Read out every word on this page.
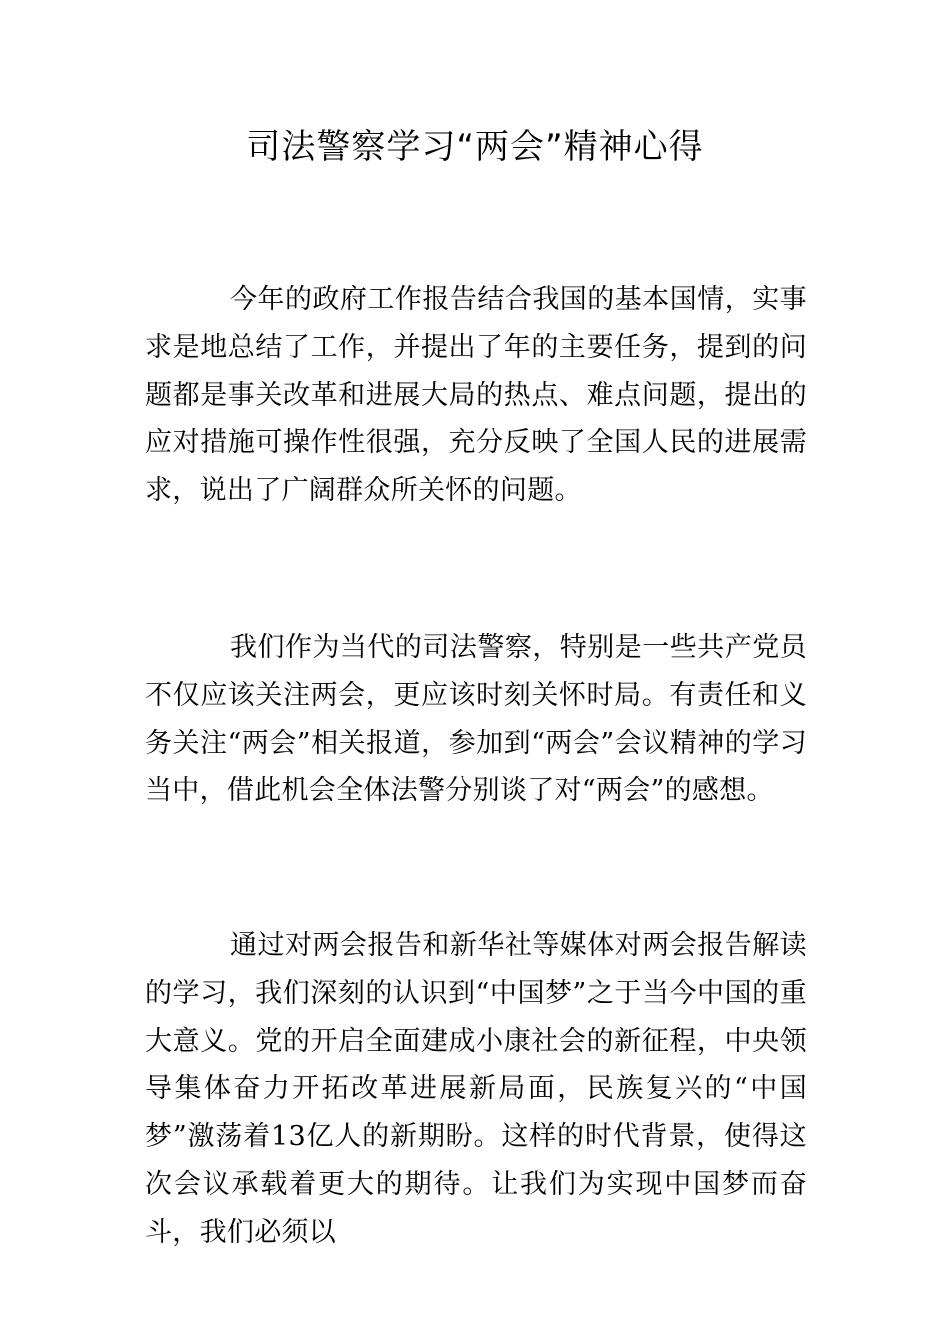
司法警察学习“两会”精神心得

今年的政府工作报告结合我国的基本国情，实事求是地总结了工作，并提出了年的主要任务，提到的问题都是事关改革和进展大局的热点、难点问题，提出的应对措施可操作性很强，充分反映了全国人民的进展需求，说出了广阔群众所关怀的问题。

我们作为当代的司法警察，特别是一些共产党员不仅应该关注两会，更应该时刻关怀时局。有责任和义务关注“两会”相关报道，参加到“两会”会议精神的学习当中，借此机会全体法警分别谈了对“两会”的感想。

通过对两会报告和新华社等媒体对两会报告解读的学习，我们深刻的认识到“中国梦”之于当今中国的重大意义。党的开启全面建成小康社会的新征程，中央领导集体奋力开拓改革进展新局面，民族复兴的“中国梦”激荡着13亿人的新期盼。这样的时代背景，使得这次会议承载着更大的期待。让我们为实现中国梦而奋斗，我们必须以
